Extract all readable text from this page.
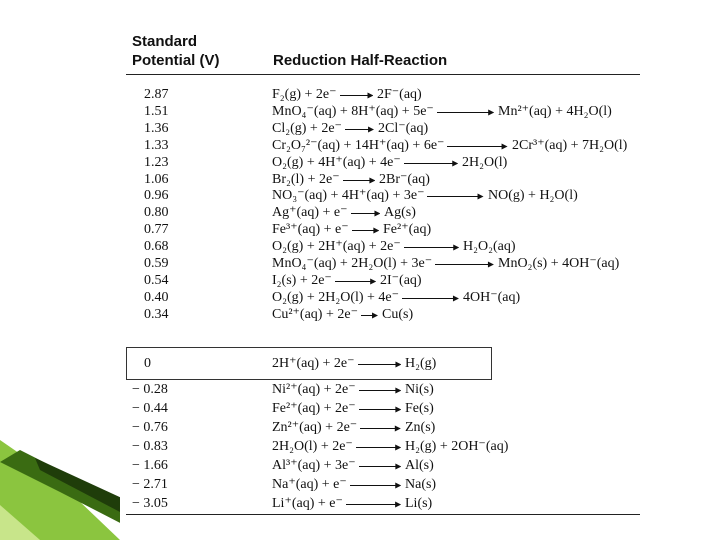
Standard
Potential (V)	Reduction Half-Reaction
2.87	F₂(g) + 2e⁻	2F⁻(aq)
1.51	MnO₄⁻(aq) + 8H⁺(aq) + 5e⁻	Mn²⁺(aq) + 4H₂O(l)
1.36	Cl₂(g) + 2e⁻	2Cl⁻(aq)
1.33	Cr₂O₇²⁻(aq) + 14H⁺(aq) + 6e⁻	2Cr³⁺(aq) + 7H₂O(l)
1.23	O₂(g) + 4H⁺(aq) + 4e⁻	2H₂O(l)
1.06	Br₂(l) + 2e⁻	2Br⁻(aq)
0.96	NO₃⁻(aq) + 4H⁺(aq) + 3e⁻	NO(g) + H₂O(l)
0.80	Ag⁺(aq) + e⁻	Ag(s)
0.77	Fe³⁺(aq) + e⁻ Fe²⁺(aq)
0.68	O₂(g) + 2H⁺(aq) + 2e⁻	H₂O₂(aq)
0.59	MnO₄⁻(aq) + 2H₂O(l) + 3e⁻	MnO₂(s) + 4OH⁻(aq)
0.54	I₂(s) + 2e⁻	2I⁻(aq)
0.40	O₂(g) + 2H₂O(l) + 4e⁻	4OH⁻(aq)
0.34	Cu²⁺(aq) + 2e⁻ Cu(s)
0	2H⁺(aq) + 2e⁻	H₂(g)
− 0.28	Ni²⁺(aq) + 2e⁻	Ni(s)
− 0.44	Fe²⁺(aq) + 2e⁻	Fe(s)
− 0.76	Zn²⁺(aq) + 2e⁻	Zn(s)
− 0.83	2H₂O(l) + 2e⁻	H₂(g) + 2OH⁻(aq)
− 1.66	Al³⁺(aq) + 3e⁻	Al(s)
− 2.71	Na⁺(aq) + e⁻	Na(s)
− 3.05	Li⁺(aq) + e⁻	Li(s)
